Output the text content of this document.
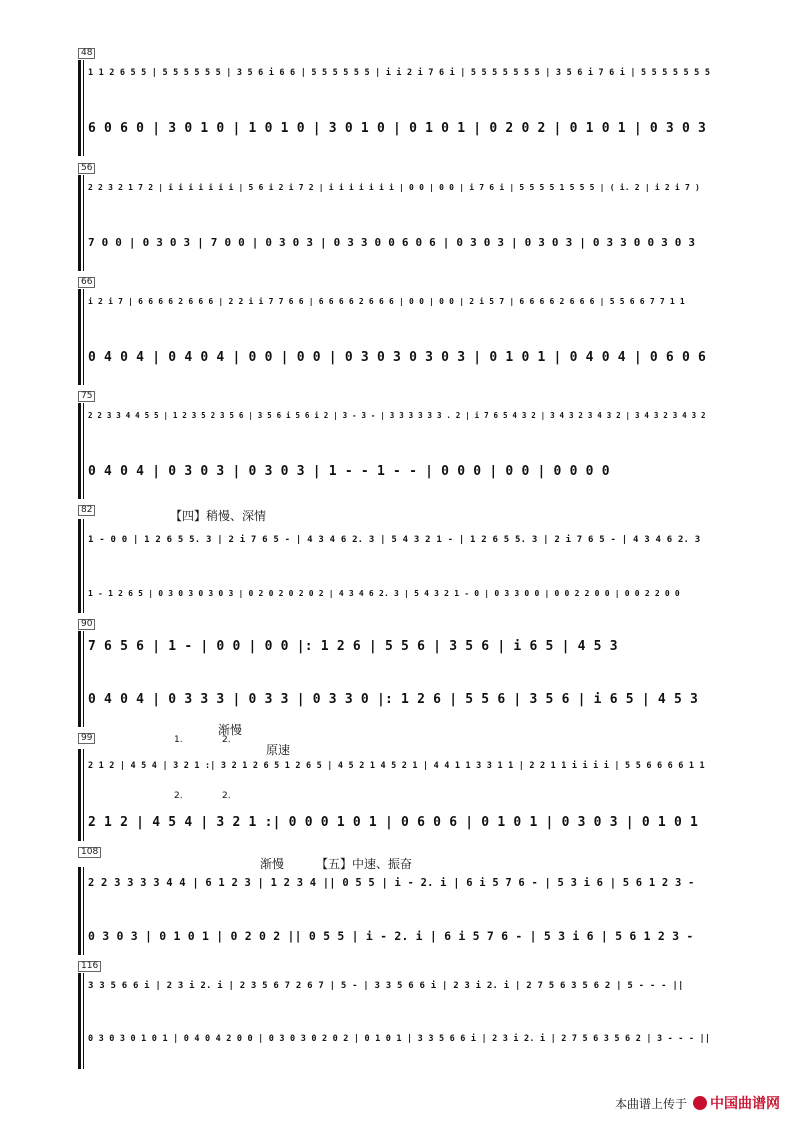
48
1 1 2 6 5 5 | 5 5 5 5 5 5 | 3 5 6 i 6 6 | 5 5 5 5 5 5 | i i 2 i 7 6 i | 5 5 5 5 5 5 5 | 3 5 6 i 7 6 i | 5 5 5 5 5 5 5
6 0 6 0 | 3 0 1 0 | 1 0 1 0 | 3 0 1 0 | 0 1 0 1 | 0 2 0 2 | 0 1 0 1 | 0 3 0 3
56
2 2 3 2 1 7 2 | i i i i i i i | 5 6 i 2 i 7 2 | i i i i i i i | 0 0 | 0 0 | i 7 6 i | 5 5 5 5 1 5 5 5 | ( i. 2 | i 2 i 7 )
7 0 0 | 0 3 0 3 | 7 0 0 | 0 3 0 3 | 0 3 3 0 0 6 0 6 | 0 3 0 3 | 0 3 0 3 | 0 3 3 0 0 3 0 3
66
i 2 i 7 | 6 6 6 6 2 6 6 6 | 2 2 i i 7 7 6 6 | 6 6 6 6 2 6 6 6 | 0 0 | 0 0 | 2 i 5 7 | 6 6 6 6 2 6 6 6 | 5 5 6 6 7 7 1 1
0 4 0 4 | 0 4 0 4 | 0 0 | 0 0 | 0 3 0 3 0 3 0 3 | 0 1 0 1 | 0 4 0 4 | 0 6 0 6
75
2 2 3 3 4 4 5 5 | 1 2 3 5 2 3 5 6 | 3 5 6 i 5 6 i 2 | 3 - 3 - | 3 3 3 3 3 3 . 2 | i 7 6 5 4 3 2 | 3 4 3 2 3 4 3 2 | 3 4 3 2 3 4 3 2
0 4 0 4 | 0 3 0 3 | 0 3 0 3 | 1 - - 1 - - | 0 0 0 | 0 0 | 0 0 0 0
82	【四】稍慢、深情
1 - 0 0 | 1 2 6 5 5. 3 | 2 i 7 6 5 - | 4 3 4 6 2. 3 | 5 4 3 2 1 - | 1 2 6 5 5. 3 | 2 i 7 6 5 - | 4 3 4 6 2. 3
1 - 1 2 6 5 | 0 3 0 3 0 3 0 3 | 0 2 0 2 0 2 0 2 | 4 3 4 6 2. 3 | 5 4 3 2 1 - 0 | 0 3 3 0 0 | 0 0 2 2 0 0 | 0 0 2 2 0 0
90
7 6 5 6 | 1 - | 0 0 | 0 0 |: 1 2 6 | 5 5 6 | 3 5 6 | i 6 5 | 4 5 3
0 4 0 4 | 0 3 3 3 | 0 3 3 | 0 3 3 0 |: 1 2 6 | 5 5 6 | 3 5 6 | i 6 5 | 4 5 3
99
渐慢
原速
1.	2.
2.	2.
2 1 2 | 4 5 4 | 3 2 1 :| 3 2 1 2 6 5 1 2 6 5 | 4 5 2 1 4 5 2 1 | 4 4 1 1 3 3 1 1 | 2 2 1 1 i i i i | 5 5 6 6 6 6 1 1
2 1 2 | 4 5 4 | 3 2 1 :| 0 0 0 1 0 1 | 0 6 0 6 | 0 1 0 1 | 0 3 0 3 | 0 1 0 1
108
渐慢	【五】中速、振奋
2 2 3 3 3 3 4 4 | 6 1 2 3 | 1 2 3 4 || 0 5 5 | i - 2. i | 6 i 5 7 6 - | 5 3 i 6 | 5 6 1 2 3 -
0 3 0 3 | 0 1 0 1 | 0 2 0 2 || 0 5 5 | i - 2. i | 6 i 5 7 6 - | 5 3 i 6 | 5 6 1 2 3 -
116
3 3 5 6 6 i | 2 3 i 2. i | 2 3 5 6 7 2 6 7 | 5 - | 3 3 5 6 6 i | 2 3 i 2. i | 2 7 5 6 3 5 6 2 | 5 - - - ||
0 3 0 3 0 1 0 1 | 0 4 0 4 2 0 0 | 0 3 0 3 0 2 0 2 | 0 1 0 1 | 3 3 5 6 6 i | 2 3 i 2. i | 2 7 5 6 3 5 6 2 | 3 - - - ||
本曲谱上传于 中国曲谱网
